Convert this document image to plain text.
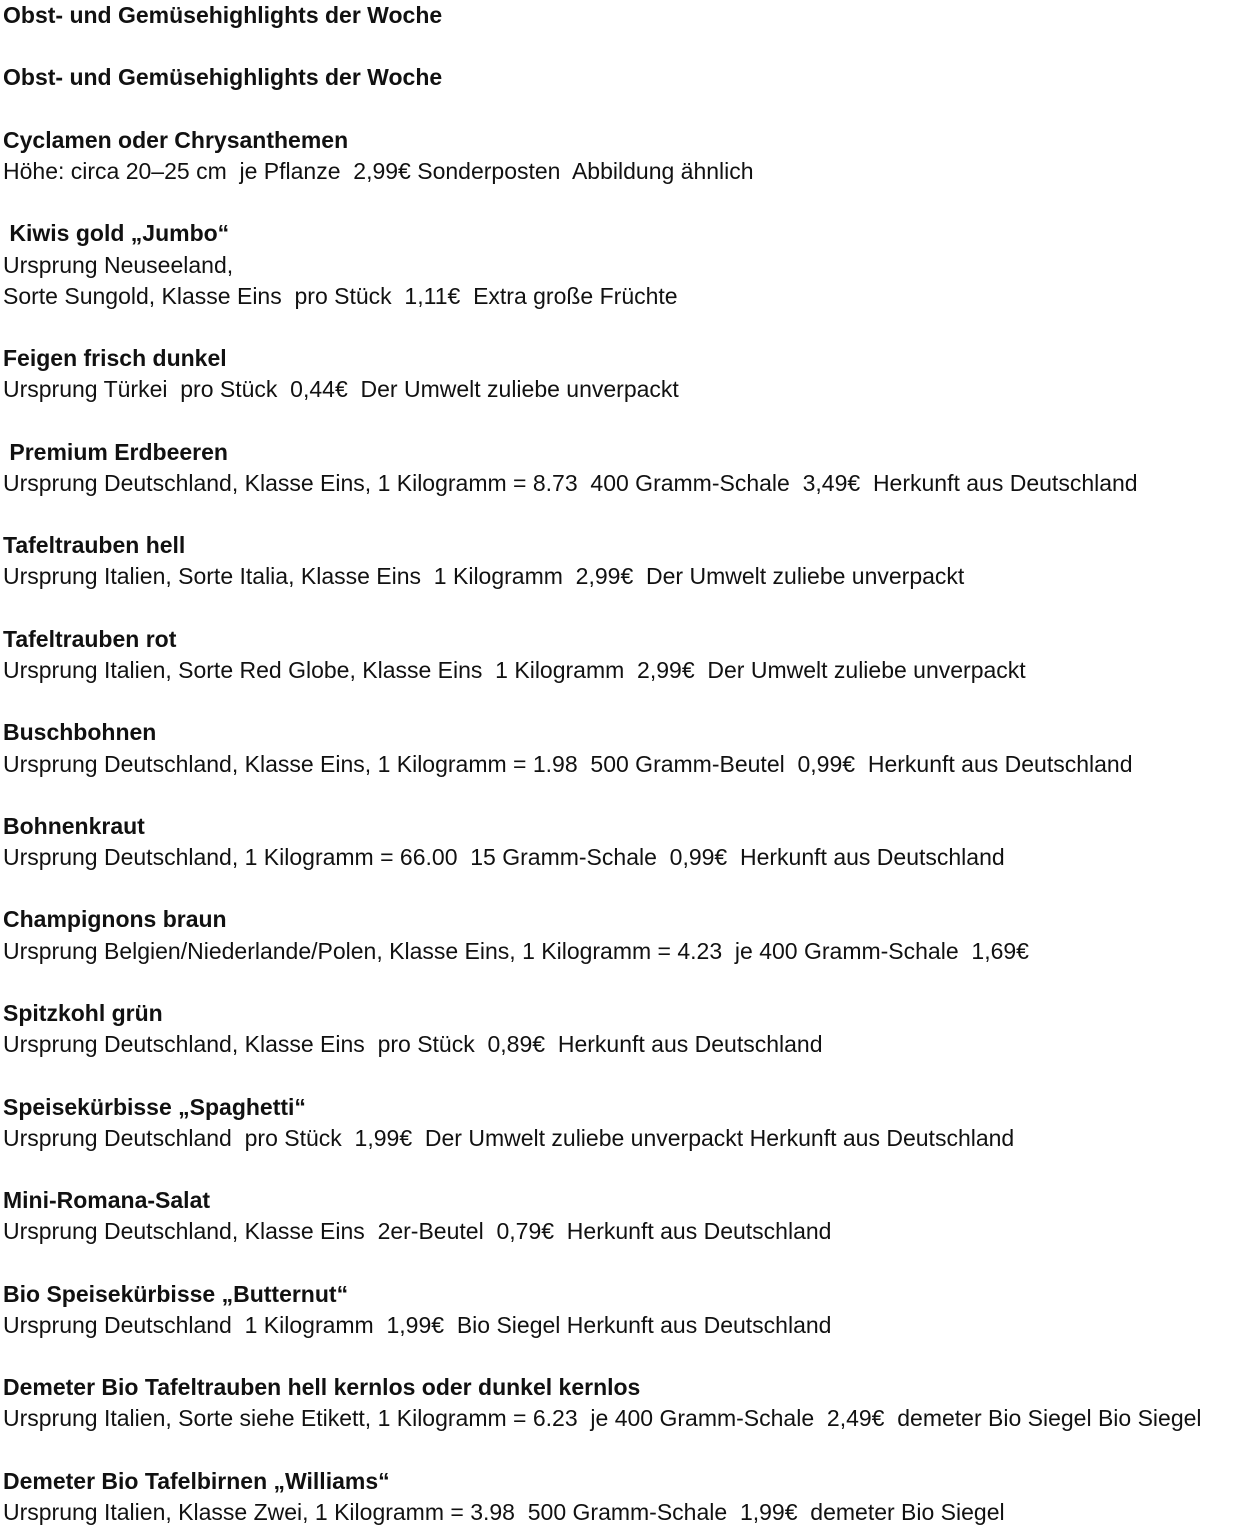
Obst- und Gemüsehighlights der Woche

Obst- und Gemüsehighlights der Woche

Cyclamen oder Chrysanthemen

Höhe: circa 20–25 cm  je Pflanze  2,99€ Sonderposten  Abbildung ähnlich

Kiwis gold „Jumbo“

Ursprung Neuseeland,

Sorte Sungold, Klasse Eins  pro Stück  1,11€  Extra große Früchte

Feigen frisch dunkel

Ursprung Türkei  pro Stück  0,44€  Der Umwelt zuliebe unverpackt

Premium Erdbeeren

Ursprung Deutschland, Klasse Eins, 1 Kilogramm = 8.73  400 Gramm-Schale  3,49€  Herkunft aus Deutschland

Tafeltrauben hell

Ursprung Italien, Sorte Italia, Klasse Eins  1 Kilogramm  2,99€  Der Umwelt zuliebe unverpackt

Tafeltrauben rot

Ursprung Italien, Sorte Red Globe, Klasse Eins  1 Kilogramm  2,99€  Der Umwelt zuliebe unverpackt

Buschbohnen

Ursprung Deutschland, Klasse Eins, 1 Kilogramm = 1.98  500 Gramm-Beutel  0,99€  Herkunft aus Deutschland

Bohnenkraut

Ursprung Deutschland, 1 Kilogramm = 66.00  15 Gramm-Schale  0,99€  Herkunft aus Deutschland

Champignons braun

Ursprung Belgien/Niederlande/Polen, Klasse Eins, 1 Kilogramm = 4.23  je 400 Gramm-Schale  1,69€

Spitzkohl grün

Ursprung Deutschland, Klasse Eins  pro Stück  0,89€  Herkunft aus Deutschland

Speisekürbisse „Spaghetti“

Ursprung Deutschland  pro Stück  1,99€  Der Umwelt zuliebe unverpackt Herkunft aus Deutschland

Mini-Romana-Salat

Ursprung Deutschland, Klasse Eins  2er-Beutel  0,79€  Herkunft aus Deutschland

Bio Speisekürbisse „Butternut“

Ursprung Deutschland  1 Kilogramm  1,99€  Bio Siegel Herkunft aus Deutschland

Demeter Bio Tafeltrauben hell kernlos oder dunkel kernlos

Ursprung Italien, Sorte siehe Etikett, 1 Kilogramm = 6.23  je 400 Gramm-Schale  2,49€  demeter Bio Siegel Bio Siegel

Demeter Bio Tafelbirnen „Williams“

Ursprung Italien, Klasse Zwei, 1 Kilogramm = 3.98  500 Gramm-Schale  1,99€  demeter Bio Siegel
